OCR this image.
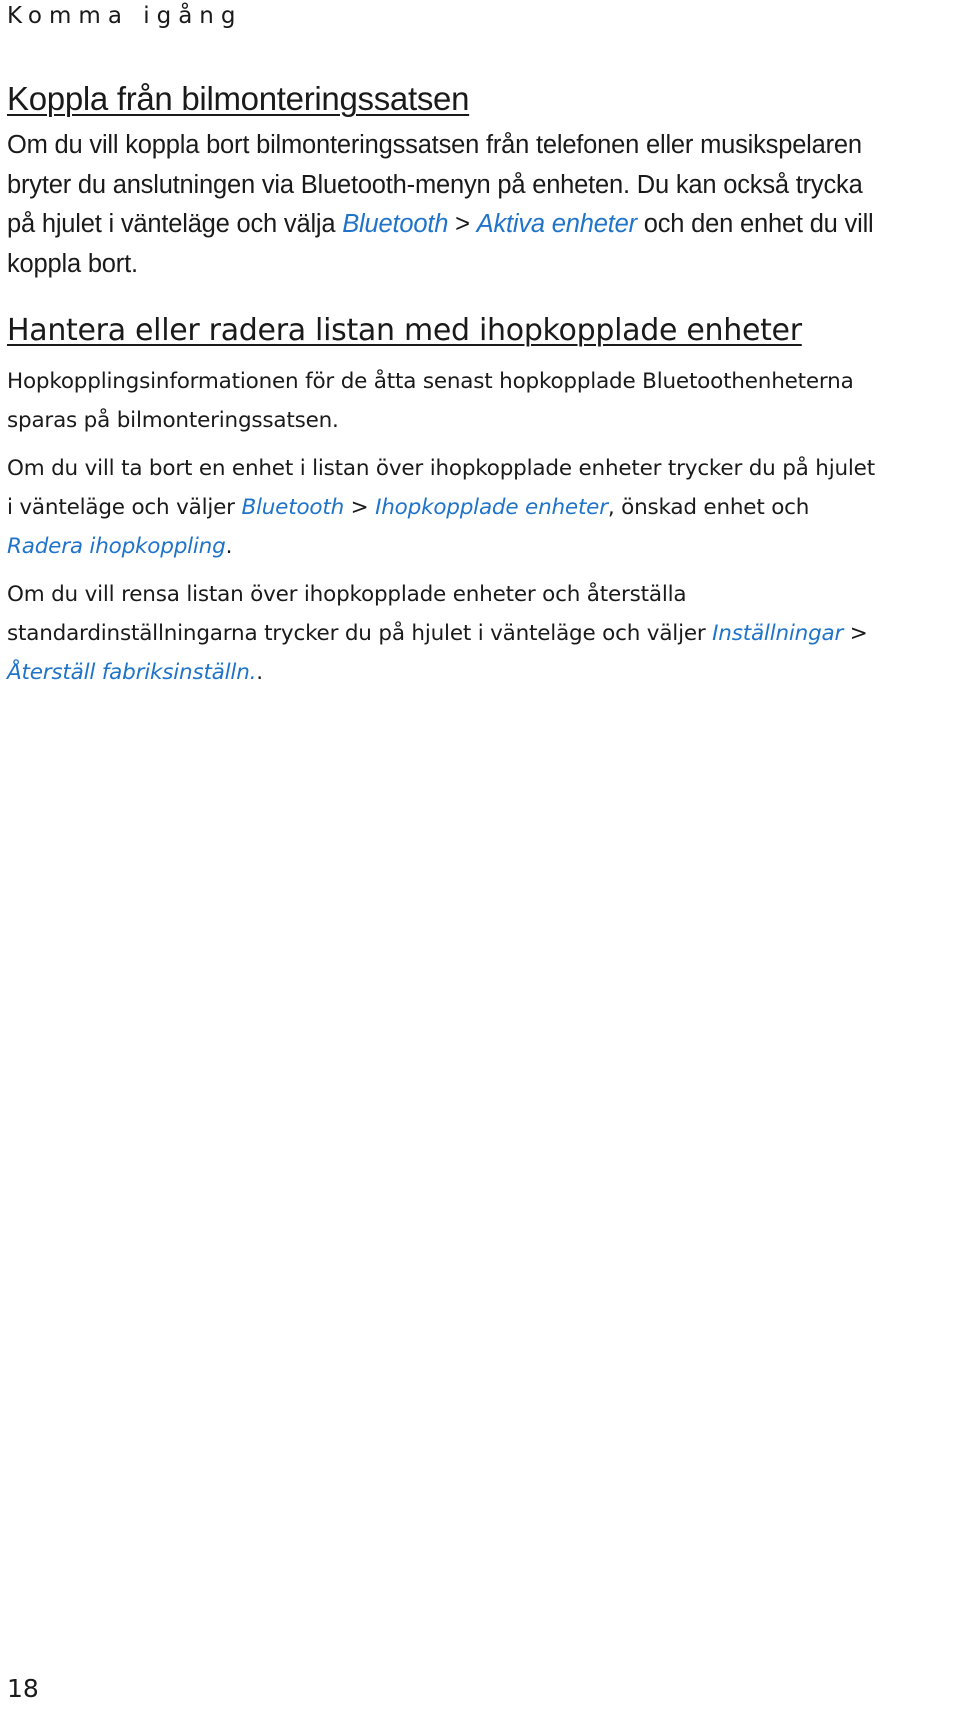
Komma igång
Koppla från bilmonteringssatsen

Om du vill koppla bort bilmonteringssatsen från telefonen eller musikspelaren bryter du anslutningen via Bluetooth-menyn på enheten. Du kan också trycka på hjulet i vänteläge och välja Bluetooth > Aktiva enheter och den enhet du vill koppla bort.

Hantera eller radera listan med ihopkopplade enheter

Hopkopplingsinformationen för de åtta senast hopkopplade Bluetoothenheterna sparas på bilmonteringssatsen.

Om du vill ta bort en enhet i listan över ihopkopplade enheter trycker du på hjulet i vänteläge och väljer Bluetooth > Ihopkopplade enheter, önskad enhet och Radera ihopkoppling.

Om du vill rensa listan över ihopkopplade enheter och återställa standardinställningarna trycker du på hjulet i vänteläge och väljer Inställningar > Återställ fabriksinställn..

18
